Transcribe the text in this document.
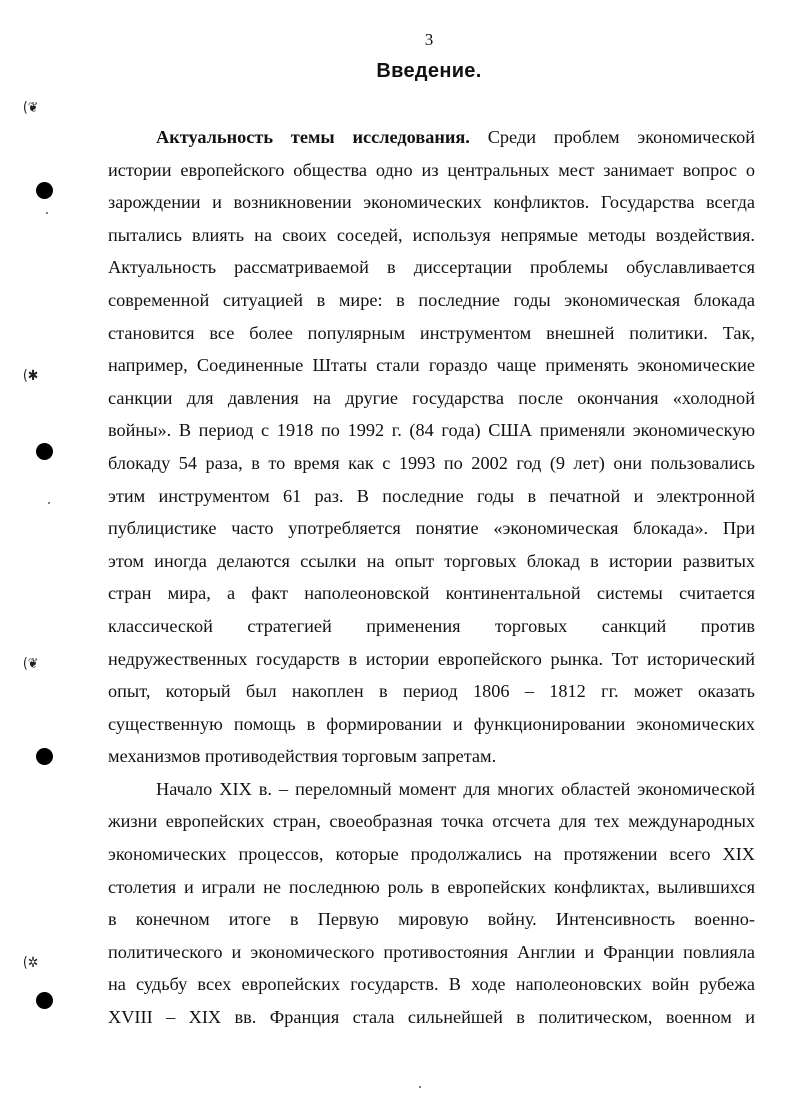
3
Введение.
(❦
(✱
(❦
(✲
Актуальность темы исследования. Среди проблем экономической
истории европейского общества одно из центральных мест занимает вопрос о
зарождении и возникновении экономических конфликтов. Государства всегда
пытались влиять на своих соседей, используя непрямые методы воздействия.
Актуальность рассматриваемой в диссертации проблемы обуславливается
современной ситуацией в мире: в последние годы экономическая блокада
становится все более популярным инструментом внешней политики. Так,
например, Соединенные Штаты стали гораздо чаще применять экономические
санкции для давления на другие государства после окончания «холодной
войны». В период с 1918 по 1992 г. (84 года) США применяли экономическую
блокаду 54 раза, в то время как с 1993 по 2002 год (9 лет) они пользовались
этим инструментом 61 раз. В последние годы в печатной и электронной
публицистике часто употребляется понятие «экономическая блокада». При
этом иногда делаются ссылки на опыт торговых блокад в истории развитых
стран мира, а факт наполеоновской континентальной системы считается
классической стратегией применения торговых санкций против
недружественных государств в истории европейского рынка. Тот исторический
опыт, который был накоплен в период 1806 – 1812 гг. может оказать
существенную помощь в формировании и функционировании экономических
механизмов противодействия торговым запретам.
Начало XIX в. – переломный момент для многих областей экономической
жизни европейских стран, своеобразная точка отсчета для тех международных
экономических процессов, которые продолжались на протяжении всего XIX
столетия и играли не последнюю роль в европейских конфликтах, вылившихся
в конечном итоге в Первую мировую войну. Интенсивность военно-
политического и экономического противостояния Англии и Франции повлияла
на судьбу всех европейских государств. В ходе наполеоновских войн рубежа
XVIII – XIX вв. Франция стала сильнейшей в политическом, военном и
